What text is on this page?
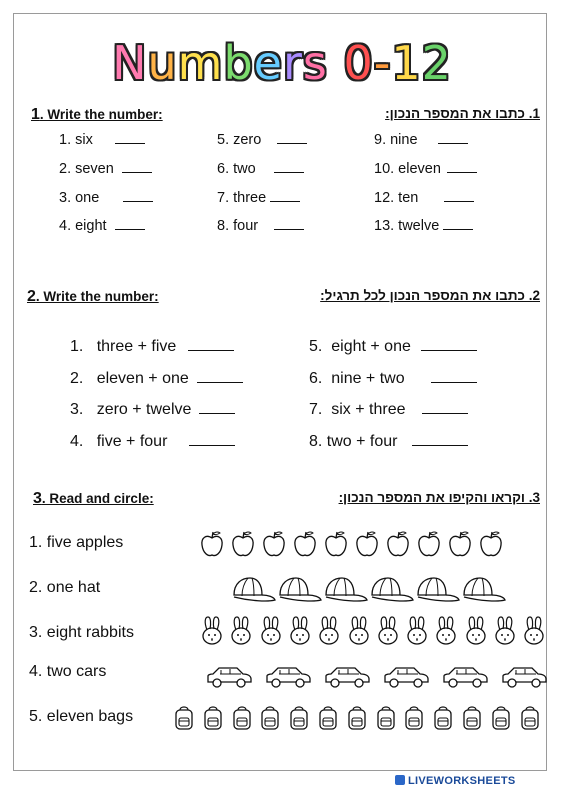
Numbers 0-12
1. Write the number:	1. כתבו את המספר הנכון:
1. six
2. seven
3. one
4. eight
5. zero
6. two
7. three
8. four
9. nine
10. eleven
12. ten
13. twelve
2. Write the number:	2. כתבו את המספר הנכון לכל תרגיל:
1. three + five
2. eleven + one
3. zero + twelve
4. five + four
5. eight + one
6. nine + two
7. six + three
8. two + four
3. Read and circle:	3. וקראו והקיפו את המספר הנכון:
1. five apples
2. one hat
3. eight rabbits
4. two cars
5. eleven bags
LIVEWORKSHEETS
